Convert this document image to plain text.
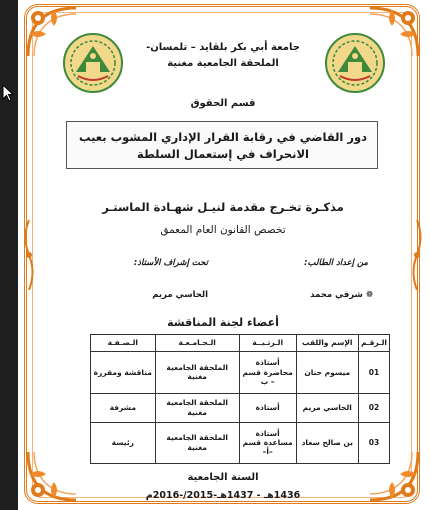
جامعة أبي بكر بلقايد – تلمسان-
الملحقة الجامعية مغنية
قسم الحقوق
دور القاضي في رقابة القرار الإداري المشوب بعيب
الانحراف في إستعمال السلطة
مذكـرة تخـرج مقدمة لنيـل شهـادة الماستـر
تخصص القانون العام المعمق
من إعداد الطالب:
تحت إشراف الأستاذ:
❁ شرقي محمد
الحاسي مريم
أعضاء لجنة المناقشة
الـرقـم	الإسم واللقب	الـرتـبــة	الـجـامـعـة	الـصـفـة
01	ميسوم حنان	أستاذة محاضرة قسم – ب	الملحقة الجامعية مغنية	مناقشة ومقررة
02	الحاسي مريم	أستاذة	الملحقة الجامعية مغنية	مشرفة
03	بن صالح سعاد	أستاذة مساعدة قسم –أ–	الملحقة الجامعية مغنية	رئيسة
السنة الجامعية
1436هـ - 1437هـ-2015/-2016م
